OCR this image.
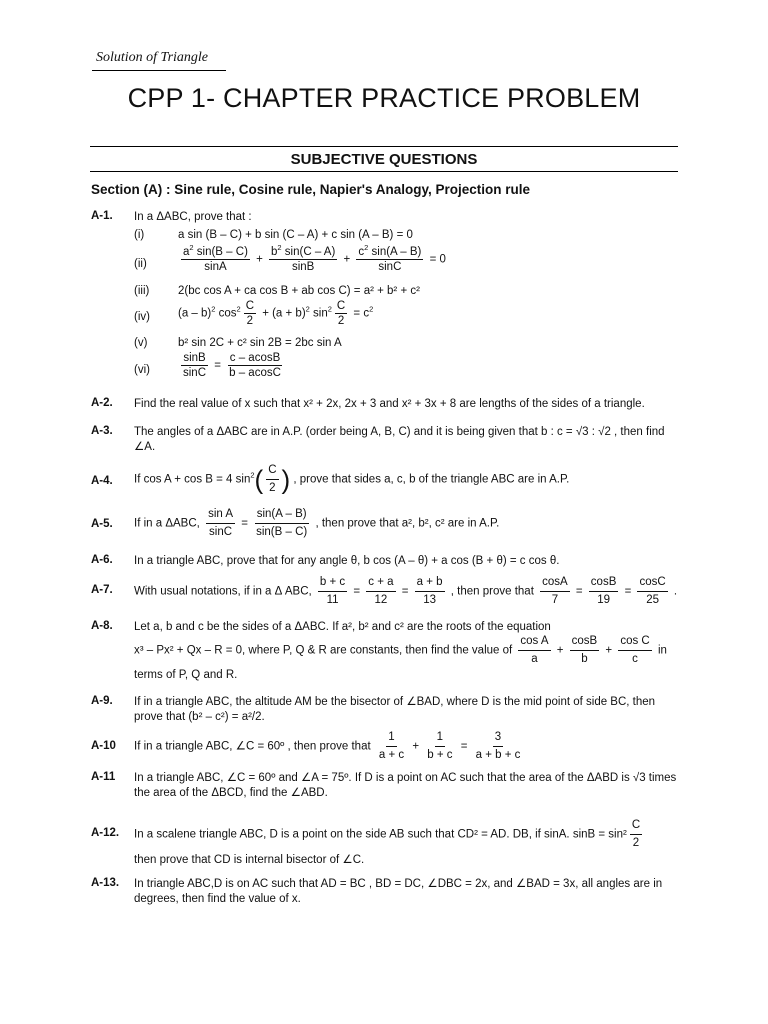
Solution of Triangle
CPP 1- CHAPTER PRACTICE PROBLEM
SUBJECTIVE QUESTIONS
Section (A) : Sine rule, Cosine rule, Napier's Analogy, Projection rule
A-1. In a ΔABC, prove that :
(i)	a sin (B – C) + b sin (C – A) + c sin (A – B) = 0
(ii)	$\frac{a^2 \sin(B - C)}{\sin A} + \frac{b^2 \sin(C - A)}{\sin B} + \frac{c^2 \sin(A - B)}{\sin C} = 0$
(iii) 2(bc cos A + ca cos B + ab cos C) = a² + b² + c²
(iv) (a – b)$^2$ $\cos^2 \frac{C}{2} + (a + b)^2$ $\sin^2 \frac{C}{2} = c^2$
(v)	b² sin 2C + c² sin 2B = 2bc sin A
(vi)	$\frac{\sin B}{\sin C} = \frac{c - acosB}{b - acosC}$
A-2. Find the real value of x such that x² + 2x, 2x + 3 and x² + 3x + 8 are lengths of the sides of a triangle.
A-3. The angles of a ΔABC are in A.P. (order being A, B, C) and it is being given that b : c = √3 : √2 , then find ∠A.
A-4. If cos A + cos B = 4 $\sin^2( \frac{C}{2}$ ) , prove that sides a, c, b of the triangle ABC are in A.P.
A-5. If in a ΔABC, $\frac{\text{sin A}}{\sin C} = \frac{\sin(A - B)}{\sin(B - C)}$ , then prove that a², b², c² are in A.P.
A-6. In a triangle ABC, prove that for any angle θ, b cos (A – θ) + a cos (B + θ) = c cos θ.
A-7. With usual notations, if in a Δ ABC, $\frac{b + c}{11} = \frac{c + a}{12} = \frac{a + b}{13}$ , then prove that $\frac{\cos A}{7} = \frac{\cos B}{19} = \frac{\cos C}{25}$ .
A-8. Let a, b and c be the sides of a ΔABC. If a², b² and c² are the roots of the equation
x³ – Px² + Qx – R = 0, where P, Q & R are constants, then find the value of $\frac{\text{cos A}}{a} + \frac{\cos B}{b} + \frac{\text{cos C}}{c}$ in
terms of P, Q and R.
A-9. If in a triangle ABC, the altitude AM be the bisector of ∠BAD, where D is the mid point of side BC, then prove that (b² – c²) = a²/2.
A-10 If in a triangle ABC, ∠C = 60º , then prove that $\frac{1}{a + c} + \frac{1}{b + c} = \frac{3}{a + b + c}$
A-11 In a triangle ABC, ∠C = 60º and ∠A = 75º. If D is a point on AC such that the area of the ΔABD is √3 times the area of the ΔBCD, find the ∠ABD.
A-12. In a scalene triangle ABC, D is a point on the side AB such that CD² = AD. DB, if sinA. $\sin B = \sin^2 \frac{C}{2}$
then prove that CD is internal bisector of ∠C.
A-13. In triangle ABC,D is on AC such that AD = BC , BD = DC, ∠DBC = 2x, and ∠BAD = 3x, all angles are in degrees, then find the value of x.
